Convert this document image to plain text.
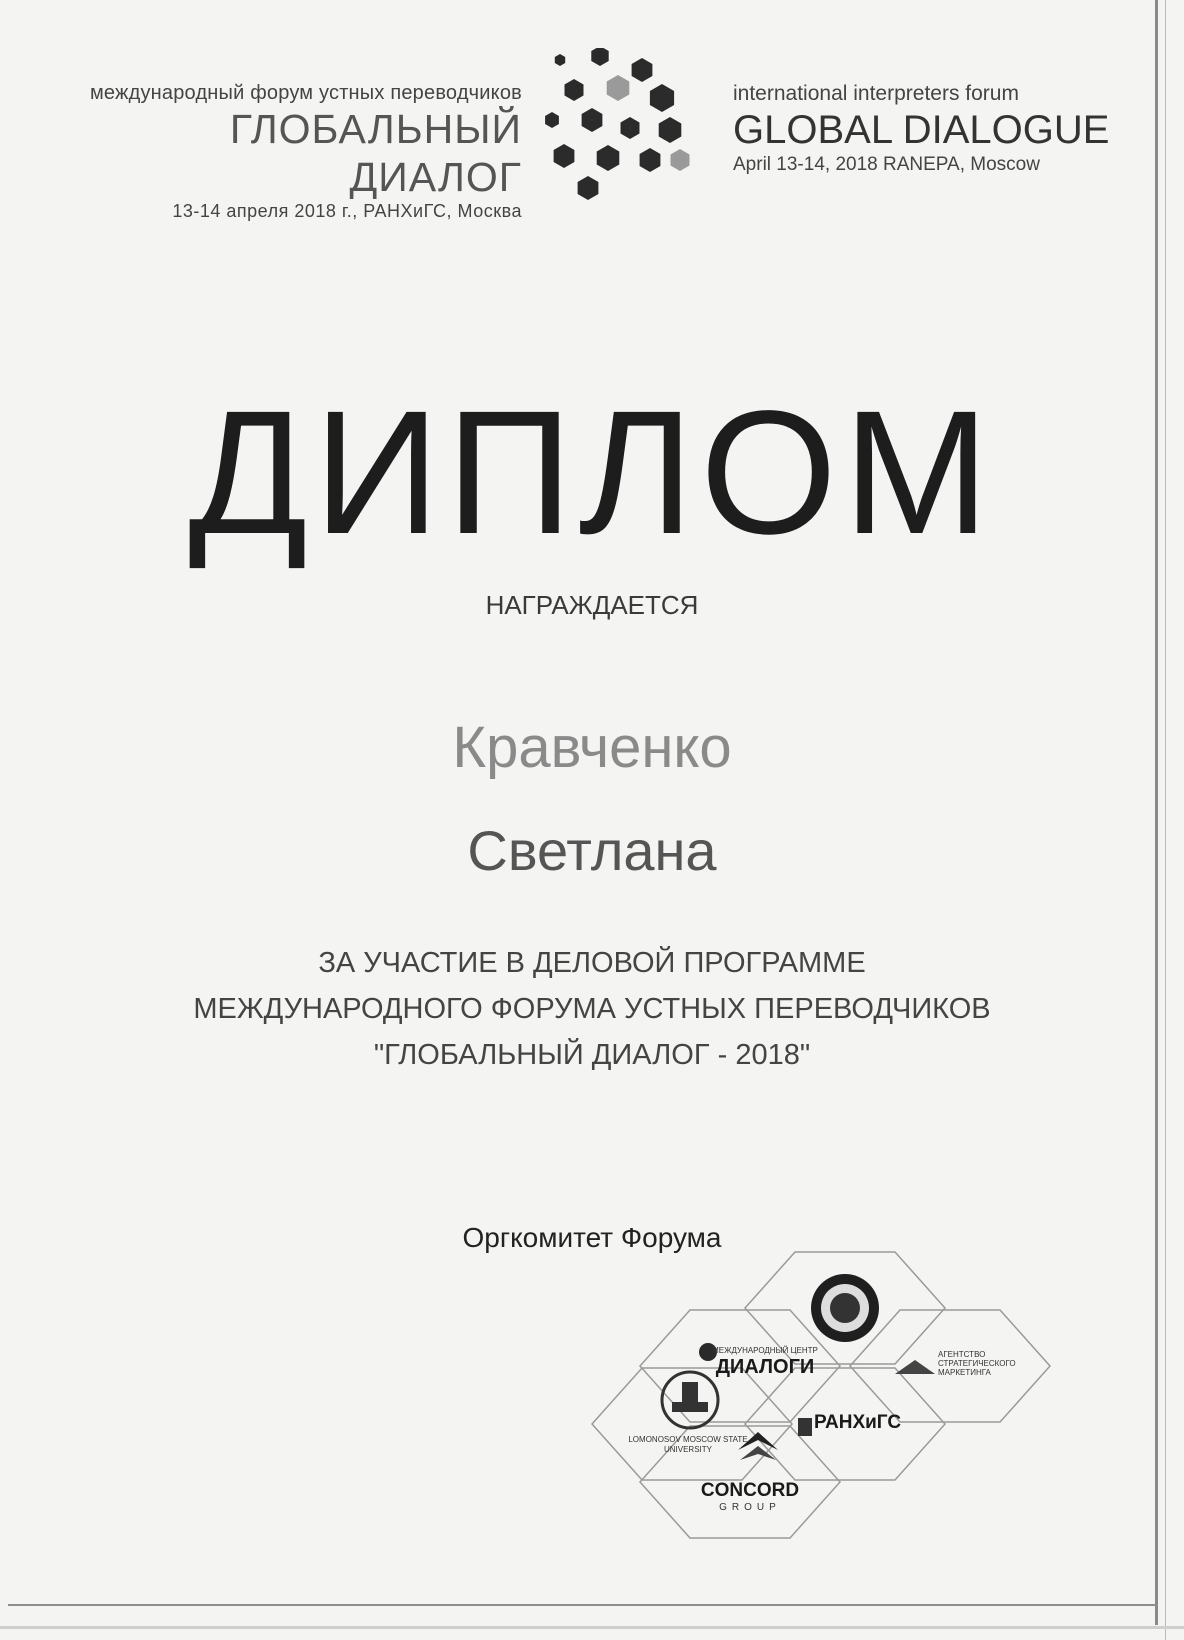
международный форум устных переводчиков
ГЛОБАЛЬНЫЙ ДИАЛОГ
13-14 апреля 2018 г., РАНХиГС, Москва
international interpreters forum
GLOBAL DIALOGUE
April 13-14, 2018 RANEPA, Moscow
ДИПЛОМ
НАГРАЖДАЕТСЯ
Кравченко
Светлана
ЗА УЧАСТИЕ В ДЕЛОВОЙ ПРОГРАММЕ
МЕЖДУНАРОДНОГО ФОРУМА УСТНЫХ ПЕРЕВОДЧИКОВ
"ГЛОБАЛЬНЫЙ ДИАЛОГ - 2018"
Оргкомитет Форума
МЕЖДУНАРОДНЫЙ ЦЕНТР
ДИАЛОГИ
АГЕНТСТВО СТРАТЕГИЧЕСКОГО МАРКЕТИНГА
LOMONOSOV MOSCOW STATE UNIVERSITY
РАНХиГС
CONCORD
GROUP
